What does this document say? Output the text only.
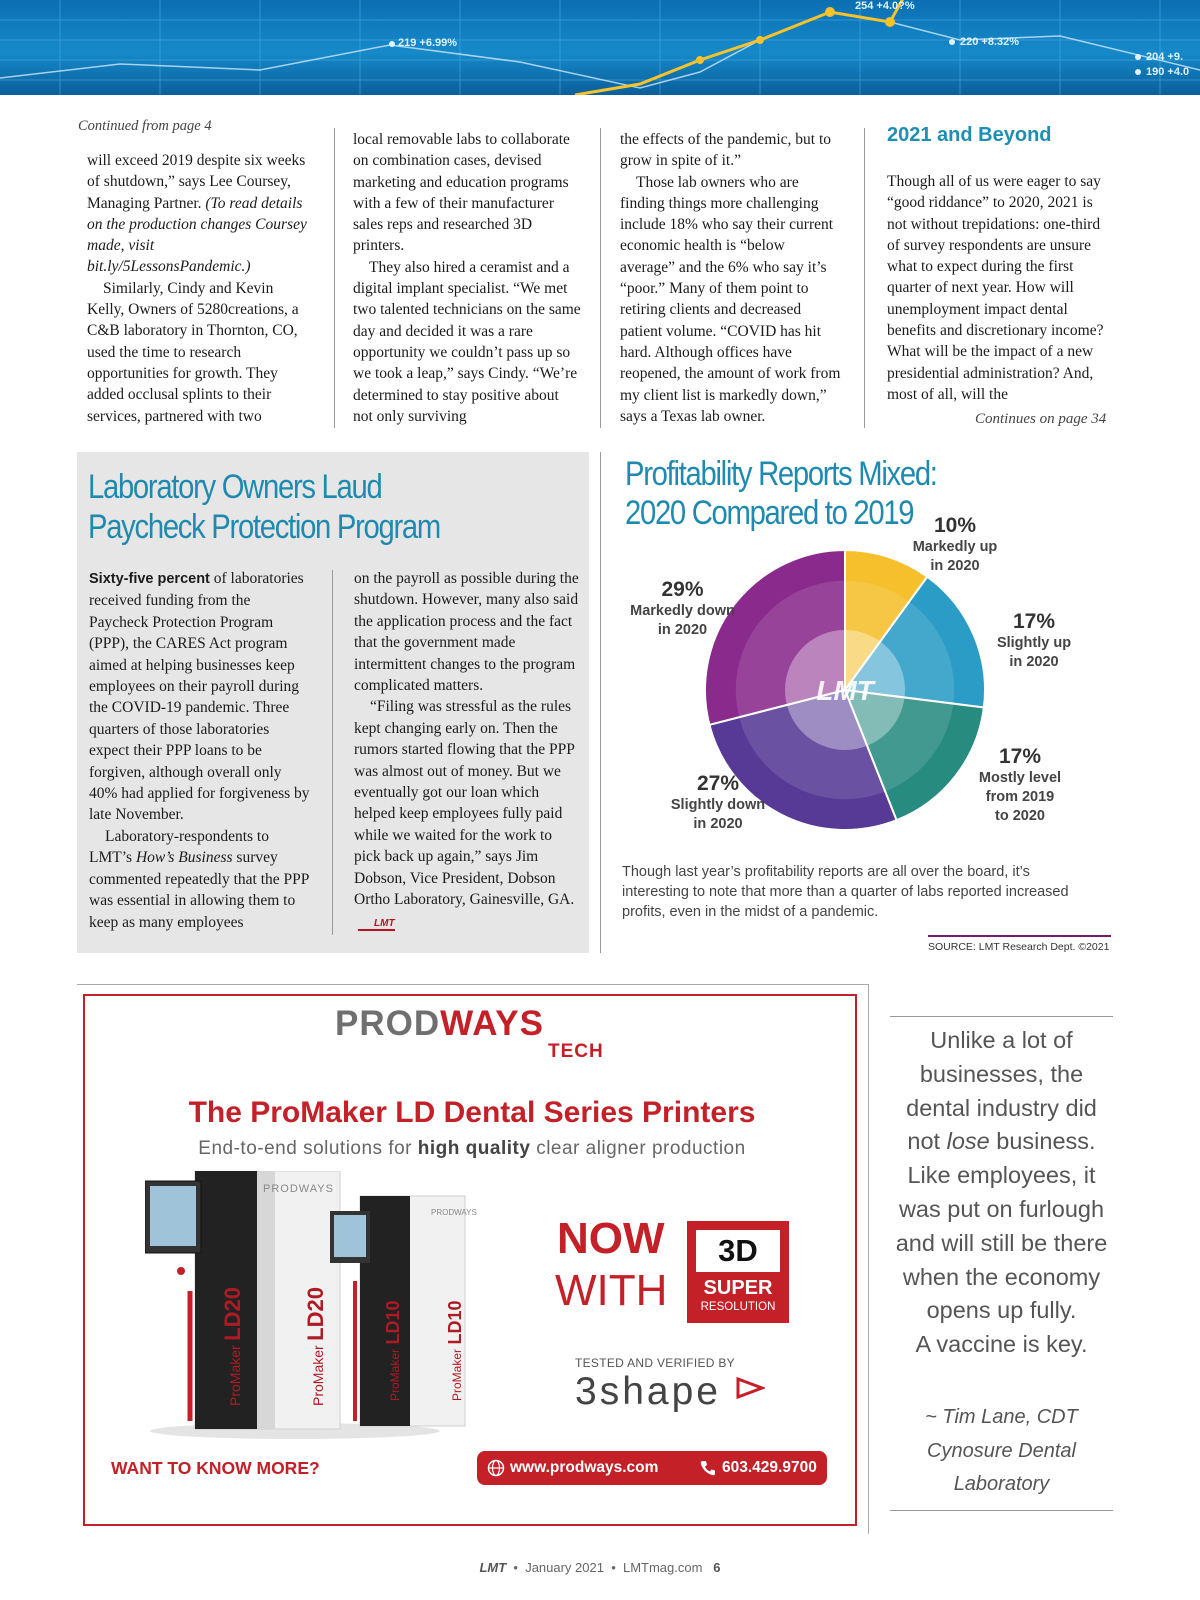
219 +6.99%
254 +4.0?%
220 +8.32%
204 +9.
190 +4.0
Continued from page 4

will exceed 2019 despite six weeks of shutdown,” says Lee Coursey, Managing Partner. (To read details on the production changes Coursey made, visit bit.ly/5LessonsPandemic.)

Similarly, Cindy and Kevin Kelly, Owners of 5280creations, a C&B laboratory in Thornton, CO, used the time to research opportunities for growth. They added occlusal splints to their services, partnered with two

local removable labs to collaborate on combination cases, devised marketing and education programs with a few of their manufacturer sales reps and researched 3D printers.

They also hired a ceramist and a digital implant specialist. “We met two talented technicians on the same day and decided it was a rare opportunity we couldn’t pass up so we took a leap,” says Cindy. “We’re determined to stay positive about not only surviving

the effects of the pandemic, but to grow in spite of it.”

Those lab owners who are finding things more challenging include 18% who say their current economic health is “below average” and the 6% who say it’s “poor.” Many of them point to retiring clients and decreased patient volume. “COVID has hit hard. Although offices have reopened, the amount of work from my client list is markedly down,” says a Texas lab owner.

2021 and Beyond

Though all of us were eager to say “good riddance” to 2020, 2021 is not without trepidations: one-third of survey respondents are unsure what to expect during the first quarter of next year. How will unemployment impact dental benefits and discretionary income? What will be the impact of a new presidential administration? And, most of all, will the

Continues on page 34
Laboratory Owners Laud
Paycheck Protection Program

Sixty-five percent of laboratories received funding from the Paycheck Protection Program (PPP), the CARES Act program aimed at helping businesses keep employees on their payroll during the COVID-19 pandemic. Three quarters of those laboratories expect their PPP loans to be forgiven, although overall only 40% had applied for forgiveness by late November.

Laboratory-respondents to LMT’s How’s Business survey commented repeatedly that the PPP was essential in allowing them to keep as many employees

on the payroll as possible during the shutdown. However, many also said the application process and the fact that the government made intermittent changes to the program complicated matters.

“Filing was stressful as the rules kept changing early on. Then the rumors started flowing that the PPP was almost out of money. But we eventually got our loan which helped keep employees fully paid while we waited for the work to pick back up again,” says Jim Dobson, Vice President, Dobson Ortho Laboratory, Gainesville, GA.LMT

Profitability Reports Mixed:
2020 Compared to 2019
LMT
10%
Markedly up
in 2020
17%
Slightly up
in 2020
17%
Mostly level
from 2019
to 2020
27%
Slightly down
in 2020
29%
Markedly down
in 2020
Though last year’s profitability reports are all over the board, it’s interesting to note that more than a quarter of labs reported increased profits, even in the midst of a pandemic.
SOURCE: LMT Research Dept. ©2021
PRODWAYS
TECH
The ProMaker LD Dental Series Printers
End-to-end solutions for high quality clear aligner production
PRODWAYS
PRODWAYS
ProMaker LD20
ProMaker LD20
ProMaker LD10
ProMaker LD10
NOW
WITH
3D
SUPER
RESOLUTION
TESTED AND VERIFIED BY
3shape
WANT TO KNOW MORE?	www.prodways.com	603.429.9700
Unlike a lot of
businesses, the
dental industry did
not lose business.
Like employees, it
was put on furlough
and will still be there
when the economy
opens up fully.
A vaccine is key.
~ Tim Lane, CDT
Cynosure Dental
Laboratory
LMT  •  January 2021  •  LMTmag.com 6
